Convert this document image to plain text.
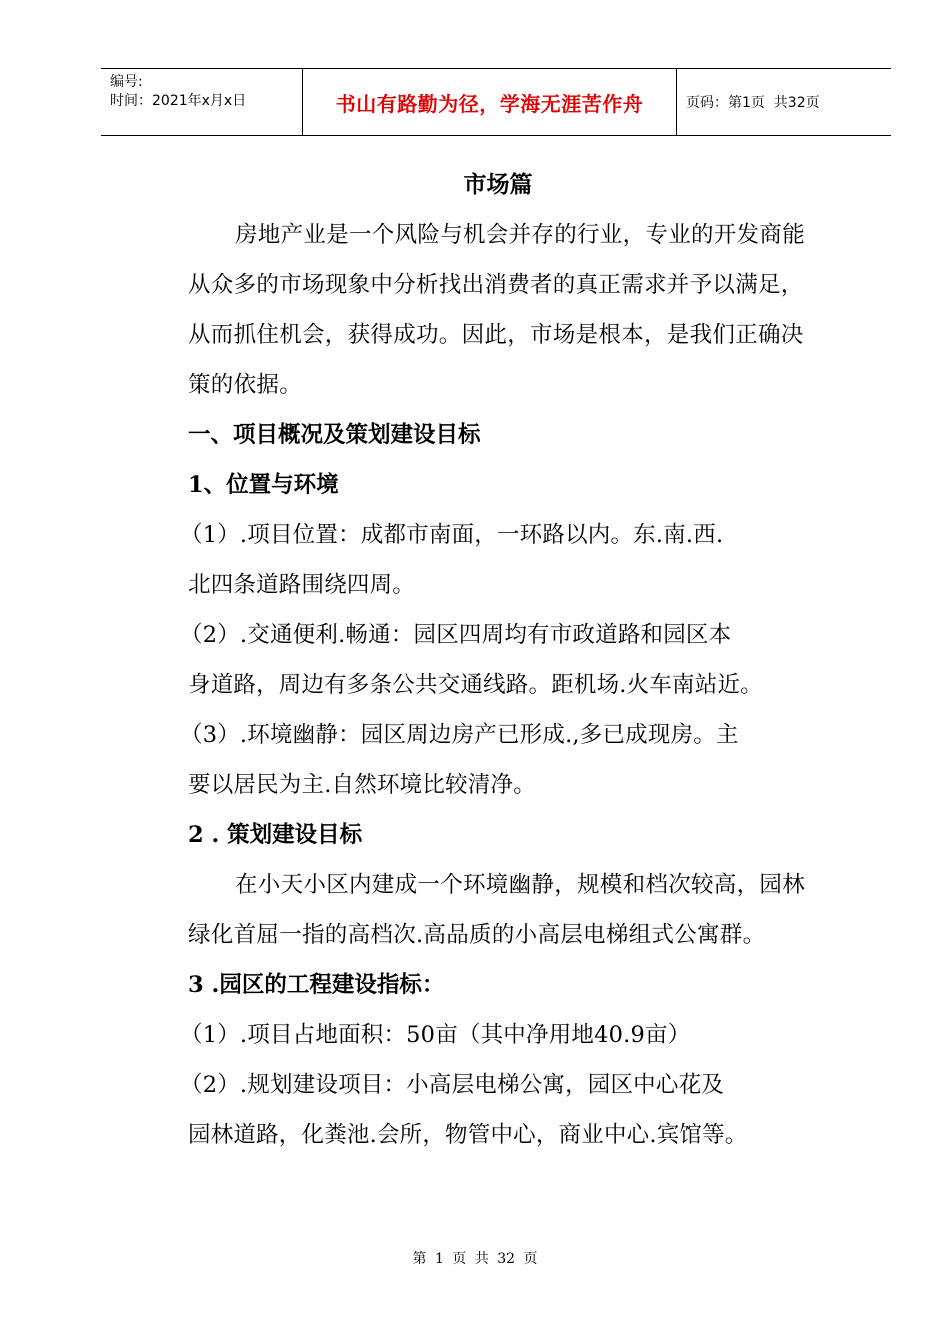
编号:
时间：2021年x月x日	书山有路勤为径，学海无涯苦作舟	页码：第1页  共32页
市场篇

房地产业是一个风险与机会并存的行业，专业的开发商能从众多的市场现象中分析找出消费者的真正需求并予以满足，从而抓住机会，获得成功。因此，市场是根本，是我们正确决策的依据。

一、项目概况及策划建设目标

1、位置与环境

（1）.项目位置：成都市南面，一环路以内。东.南.西.
北四条道路围绕四周。

（2）.交通便利.畅通：园区四周均有市政道路和园区本
身道路，周边有多条公共交通线路。距机场.火车南站近。

（3）.环境幽静：园区周边房产已形成.,多已成现房。主
要以居民为主.自然环境比较清净。

2 . 策划建设目标

在小天小区内建成一个环境幽静，规模和档次较高，园林绿化首屈一指的高档次.高品质的小高层电梯组式公寓群。

3 .园区的工程建设指标：

（1）.项目占地面积：50亩（其中净用地40.9亩）

（2）.规划建设项目：小高层电梯公寓，园区中心花及
园林道路，化粪池.会所，物管中心，商业中心.宾馆等。

第 1 页 共 32 页
